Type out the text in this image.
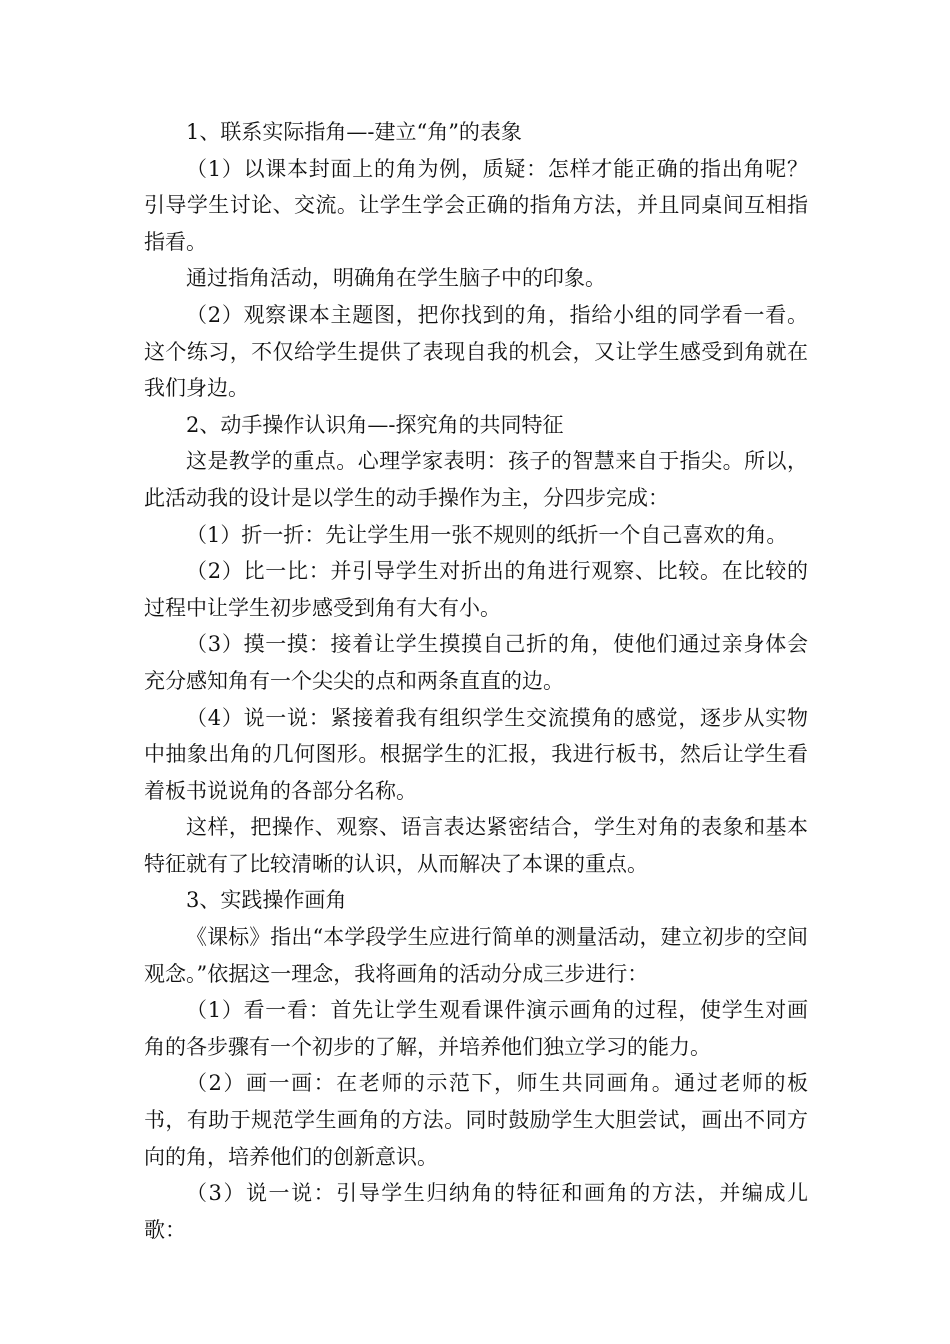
1、联系实际指角—-建立“角”的表象

（1）以课本封面上的角为例，质疑：怎样才能正确的指出角呢？引导学生讨论、交流。让学生学会正确的指角方法，并且同桌间互相指指看。

通过指角活动，明确角在学生脑子中的印象。

（2）观察课本主题图，把你找到的角，指给小组的同学看一看。这个练习，不仅给学生提供了表现自我的机会，又让学生感受到角就在我们身边。

2、动手操作认识角—-探究角的共同特征

这是教学的重点。心理学家表明：孩子的智慧来自于指尖。所以，此活动我的设计是以学生的动手操作为主，分四步完成：

（1）折一折：先让学生用一张不规则的纸折一个自己喜欢的角。

（2）比一比：并引导学生对折出的角进行观察、比较。在比较的过程中让学生初步感受到角有大有小。

（3）摸一摸：接着让学生摸摸自己折的角，使他们通过亲身体会充分感知角有一个尖尖的点和两条直直的边。

（4）说一说：紧接着我有组织学生交流摸角的感觉，逐步从实物中抽象出角的几何图形。根据学生的汇报，我进行板书，然后让学生看着板书说说角的各部分名称。

这样，把操作、观察、语言表达紧密结合，学生对角的表象和基本特征就有了比较清晰的认识，从而解决了本课的重点。

3、实践操作画角

《课标》指出“本学段学生应进行简单的测量活动，建立初步的空间观念。”依据这一理念，我将画角的活动分成三步进行：

（1）看一看：首先让学生观看课件演示画角的过程，使学生对画角的各步骤有一个初步的了解，并培养他们独立学习的能力。

（2）画一画：在老师的示范下，师生共同画角。通过老师的板书，有助于规范学生画角的方法。同时鼓励学生大胆尝试，画出不同方向的角，培养他们的创新意识。

（3）说一说：引导学生归纳角的特征和画角的方法，并编成儿歌：
